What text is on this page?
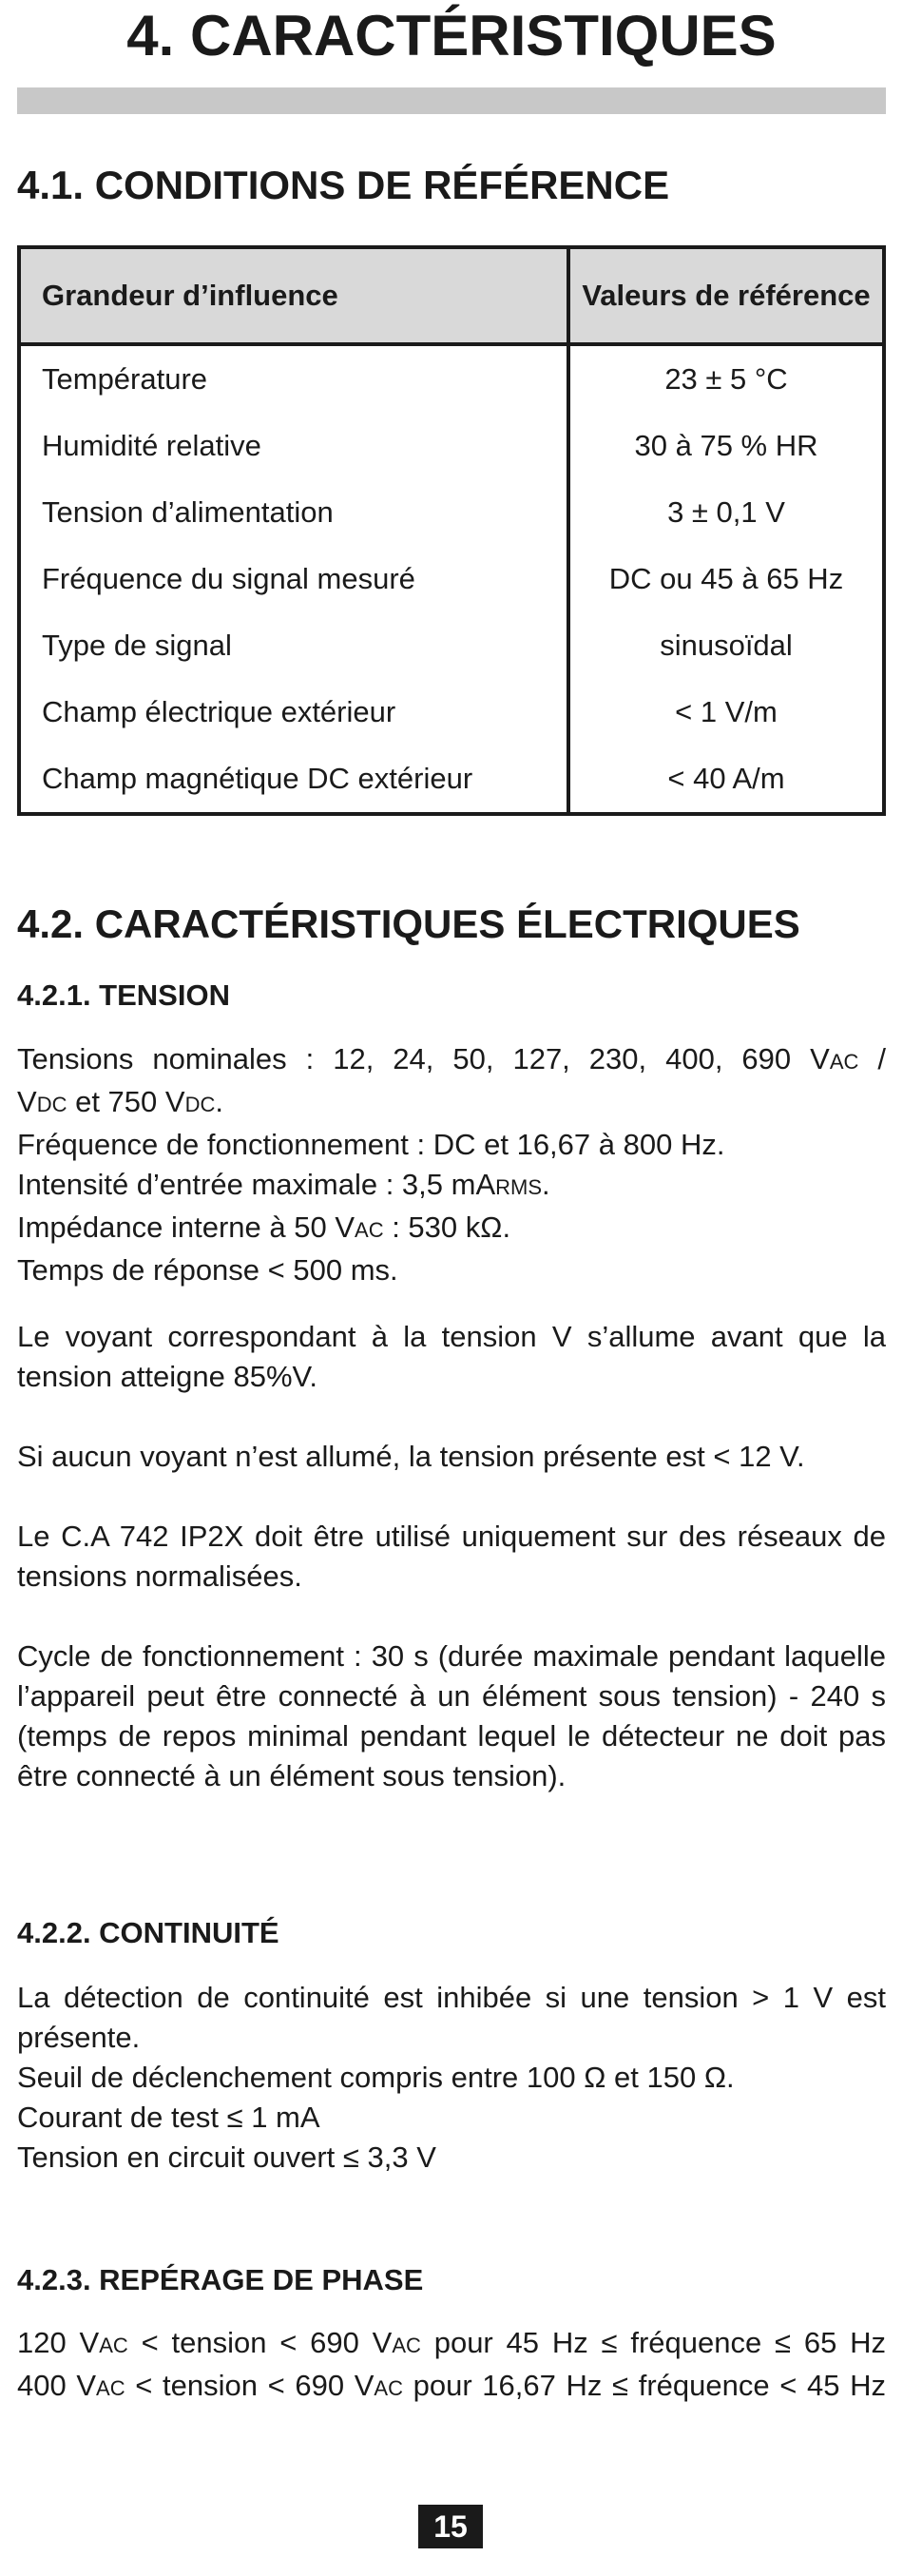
4. CARACTÉRISTIQUES
4.1. CONDITIONS DE RÉFÉRENCE
Grandeur d’influence	Valeurs de référence
Température	23 ± 5 °C
Humidité relative	30 à 75 % HR
Tension d’alimentation	3 ± 0,1 V
Fréquence du signal mesuré	DC ou 45 à 65 Hz
Type de signal	sinusoïdal
Champ électrique extérieur	< 1 V/m
Champ magnétique DC extérieur	< 40 A/m
4.2. CARACTÉRISTIQUES ÉLECTRIQUES
4.2.1. TENSION
Tensions nominales : 12, 24, 50, 127, 230, 400, 690 VAC /
VDC et 750 VDC.
Fréquence de fonctionnement : DC et 16,67 à 800 Hz.
Intensité d’entrée maximale : 3,5 mARMS.
Impédance interne à 50 VAC : 530 kΩ.
Temps de réponse < 500 ms.

Le voyant correspondant à la tension V s’allume avant que la tension atteigne 85%V.

Si aucun voyant n’est allumé, la tension présente est < 12 V.

Le C.A 742 IP2X doit être utilisé uniquement sur des réseaux de tensions normalisées.

Cycle de fonctionnement : 30 s (durée maximale pendant laquelle l’appareil peut être connecté à un élément sous tension) - 240 s (temps de repos minimal pendant lequel le détecteur ne doit pas être connecté à un élément sous tension).

4.2.2. CONTINUITÉ
La détection de continuité est inhibée si une tension > 1 V est présente.
Seuil de déclenchement compris entre 100 Ω et 150 Ω.
Courant de test ≤ 1 mA
Tension en circuit ouvert ≤ 3,3 V
4.2.3. REPÉRAGE DE PHASE
120 VAC < tension < 690 VAC pour 45 Hz ≤ fréquence ≤ 65 Hz
400 VAC < tension < 690 VAC pour 16,67 Hz ≤ fréquence < 45 Hz
15
